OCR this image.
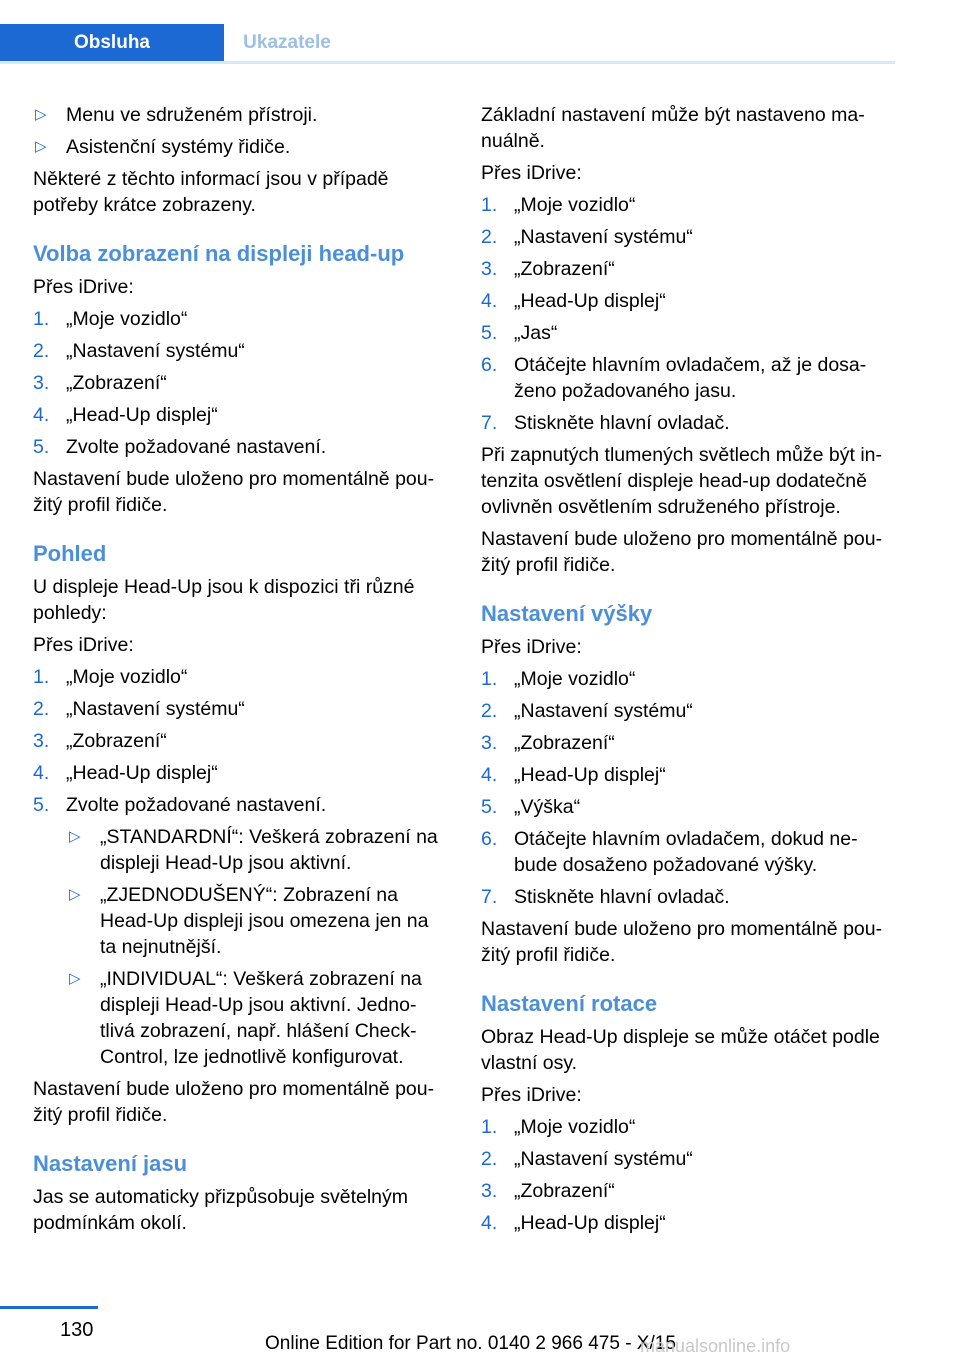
Obsluha	Ukazatele
▷ Menu ve sdruženém přístroji.
▷ Asistenční systémy řidiče.

Některé z těchto informací jsou v případě potřeby krátce zobrazeny.

Volba zobrazení na displeji head-up

Přes iDrive:

1. „Moje vozidlo“
2. „Nastavení systému“
3. „Zobrazení“
4. „Head-Up displej“
5. Zvolte požadované nastavení.

Nastavení bude uloženo pro momentálně pou‐žitý profil řidiče.

Pohled

U displeje Head-Up jsou k dispozici tři různé pohledy:

Přes iDrive:

1. „Moje vozidlo“
2. „Nastavení systému“
3. „Zobrazení“
4. „Head-Up displej“
5. Zvolte požadované nastavení.
▷ „STANDARDNÍ“: Veškerá zobrazení na displeji Head-Up jsou aktivní.
▷ „ZJEDNODUŠENÝ“: Zobrazení na Head-Up displeji jsou omezena jen na ta nejnutnější.
▷ „INDIVIDUAL“: Veškerá zobrazení na displeji Head-Up jsou aktivní. Jedno‐tlivá zobrazení, např. hlášení Check-Control, lze jednotlivě konfigurovat.

Nastavení bude uloženo pro momentálně pou‐žitý profil řidiče.

Nastavení jasu

Jas se automaticky přizpůsobuje světelným podmínkám okolí.

Základní nastavení může být nastaveno ma‐nuálně.

Přes iDrive:

1. „Moje vozidlo“
2. „Nastavení systému“
3. „Zobrazení“
4. „Head-Up displej“
5. „Jas“
6. Otáčejte hlavním ovladačem, až je dosa‐ženo požadovaného jasu.
7. Stiskněte hlavní ovladač.

Při zapnutých tlumených světlech může být in‐tenzita osvětlení displeje head-up dodatečně ovlivněn osvětlením sdruženého přístroje.

Nastavení bude uloženo pro momentálně pou‐žitý profil řidiče.

Nastavení výšky

Přes iDrive:

1. „Moje vozidlo“
2. „Nastavení systému“
3. „Zobrazení“
4. „Head-Up displej“
5. „Výška“
6. Otáčejte hlavním ovladačem, dokud ne‐bude dosaženo požadované výšky.
7. Stiskněte hlavní ovladač.

Nastavení bude uloženo pro momentálně pou‐žitý profil řidiče.

Nastavení rotace

Obraz Head-Up displeje se může otáčet podle vlastní osy.

Přes iDrive:

1. „Moje vozidlo“
2. „Nastavení systému“
3. „Zobrazení“
4. „Head-Up displej“
130
Online Edition for Part no. 0140 2 966 475 - X/15
manualsonline.info
